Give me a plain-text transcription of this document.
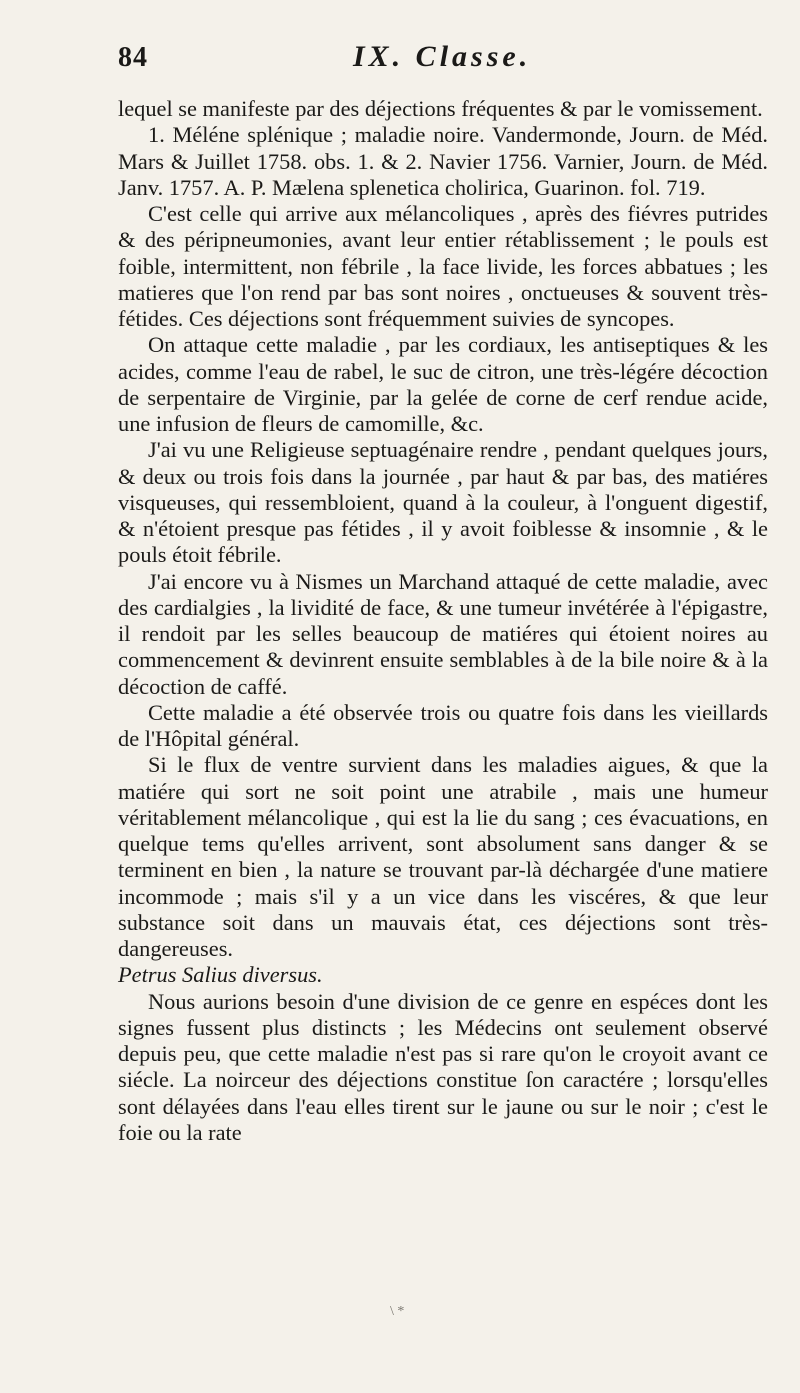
84	IX. Classe.

lequel se manifeste par des déjections fréquentes & par le vomissement.

1. Méléne splénique ; maladie noire. Vandermonde, Journ. de Méd. Mars & Juillet 1758. obs. 1. & 2. Navier 1756. Varnier, Journ. de Méd. Janv. 1757. A. P. Mælena splenetica cholirica, Guarinon. fol. 719.

C'est celle qui arrive aux mélancoliques , après des fiévres putrides & des péripneumonies, avant leur entier rétablissement ; le pouls est foible, intermittent, non fébrile , la face livide, les forces abbatues ; les matieres que l'on rend par bas sont noires , onctueuses & souvent très-fétides. Ces déjections sont fréquemment suivies de syncopes.

On attaque cette maladie , par les cordiaux, les antiseptiques & les acides, comme l'eau de rabel, le suc de citron, une très-légére décoction de serpentaire de Virginie, par la gelée de corne de cerf rendue acide, une infusion de fleurs de camomille, &c.

J'ai vu une Religieuse septuagénaire rendre , pendant quelques jours, & deux ou trois fois dans la journée , par haut & par bas, des matiéres visqueuses, qui ressembloient, quand à la couleur, à l'onguent digestif, & n'étoient presque pas fétides , il y avoit foiblesse & insomnie , & le pouls étoit fébrile.

J'ai encore vu à Nismes un Marchand attaqué de cette maladie, avec des cardialgies , la lividité de face, & une tumeur invétérée à l'épigastre, il rendoit par les selles beaucoup de matiéres qui étoient noires au commencement & devinrent ensuite semblables à de la bile noire & à la décoction de caffé.

Cette maladie a été observée trois ou quatre fois dans les vieillards de l'Hôpital général.

Si le flux de ventre survient dans les maladies aigues, & que la matiére qui sort ne soit point une atrabile , mais une humeur véritablement mélancolique , qui est la lie du sang ; ces évacuations, en quelque tems qu'elles arrivent, sont absolument sans danger & se terminent en bien , la nature se trouvant par-là déchargée d'une matiere incommode ; mais s'il y a un vice dans les viscéres, & que leur substance soit dans un mauvais état, ces déjections sont très-dangereuses.

Petrus Salius diversus.

Nous aurions besoin d'une division de ce genre en espéces dont les signes fussent plus distincts ; les Médecins ont seulement observé depuis peu, que cette maladie n'est pas si rare qu'on le croyoit avant ce siécle. La noirceur des déjections constitue ſon caractére ; lorsqu'elles sont délayées dans l'eau elles tirent sur le jaune ou sur le noir ; c'est le foie ou la rate

\ *
